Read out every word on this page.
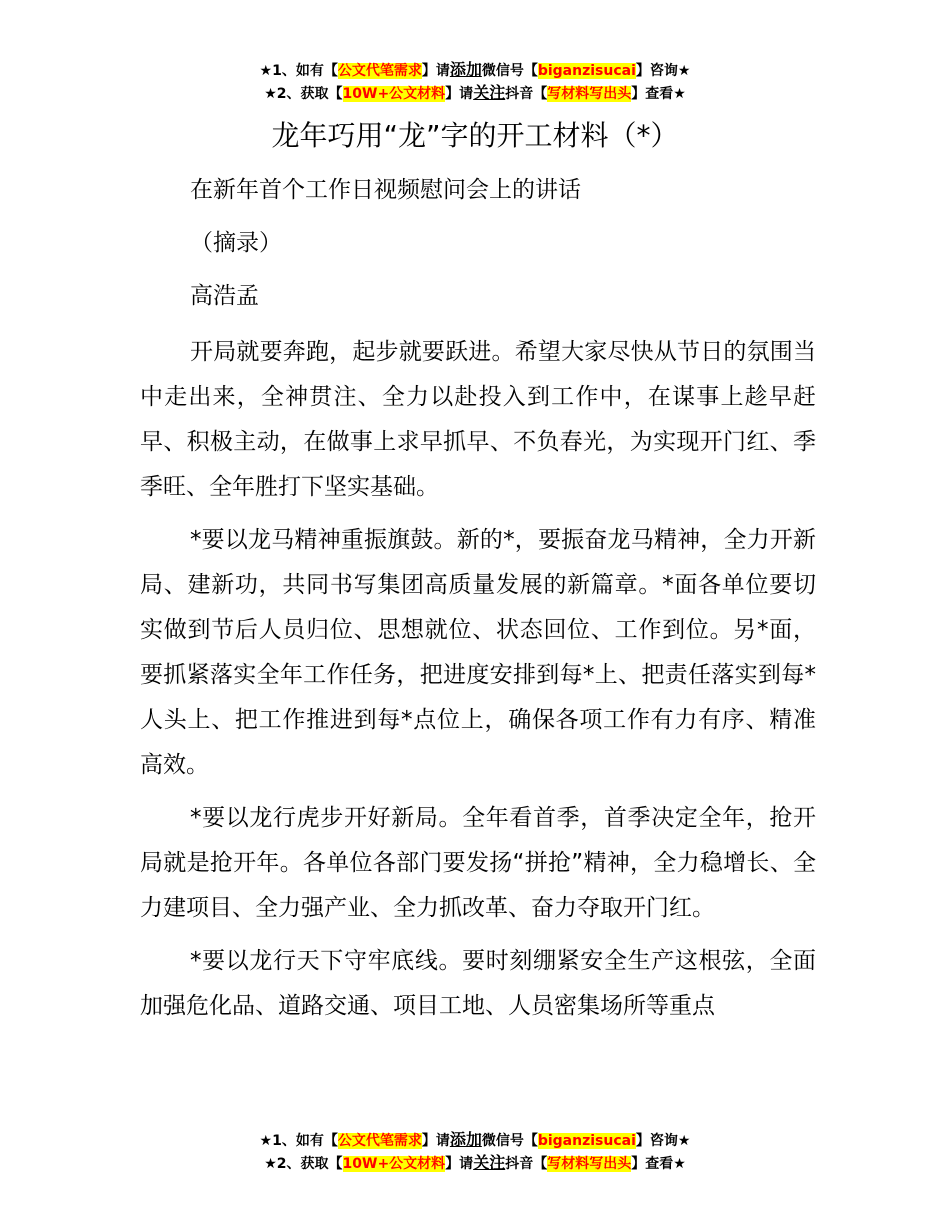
★1、如有【公文代笔需求】请添加微信号【biganzisucai】咨询★
★2、获取【10W+公文材料】请关注抖音【写材料写出头】查看★
龙年巧用“龙”字的开工材料（*）

在新年首个工作日视频慰问会上的讲话

（摘录）

高浩孟

开局就要奔跑，起步就要跃进。希望大家尽快从节日的氛围当中走出来，全神贯注、全力以赴投入到工作中，在谋事上趁早赶早、积极主动，在做事上求早抓早、不负春光，为实现开门红、季季旺、全年胜打下坚实基础。

*要以龙马精神重振旗鼓。新的*，要振奋龙马精神，全力开新局、建新功，共同书写集团高质量发展的新篇章。*面各单位要切实做到节后人员归位、思想就位、状态回位、工作到位。另*面，要抓紧落实全年工作任务，把进度安排到每*上、把责任落实到每*人头上、把工作推进到每*点位上，确保各项工作有力有序、精准高效。

*要以龙行虎步开好新局。全年看首季，首季决定全年，抢开局就是抢开年。各单位各部门要发扬“拼抢”精神，全力稳增长、全力建项目、全力强产业、全力抓改革、奋力夺取开门红。

*要以龙行天下守牢底线。要时刻绷紧安全生产这根弦，全面加强危化品、道路交通、项目工地、人员密集场所等重点

★1、如有【公文代笔需求】请添加微信号【biganzisucai】咨询★
★2、获取【10W+公文材料】请关注抖音【写材料写出头】查看★
